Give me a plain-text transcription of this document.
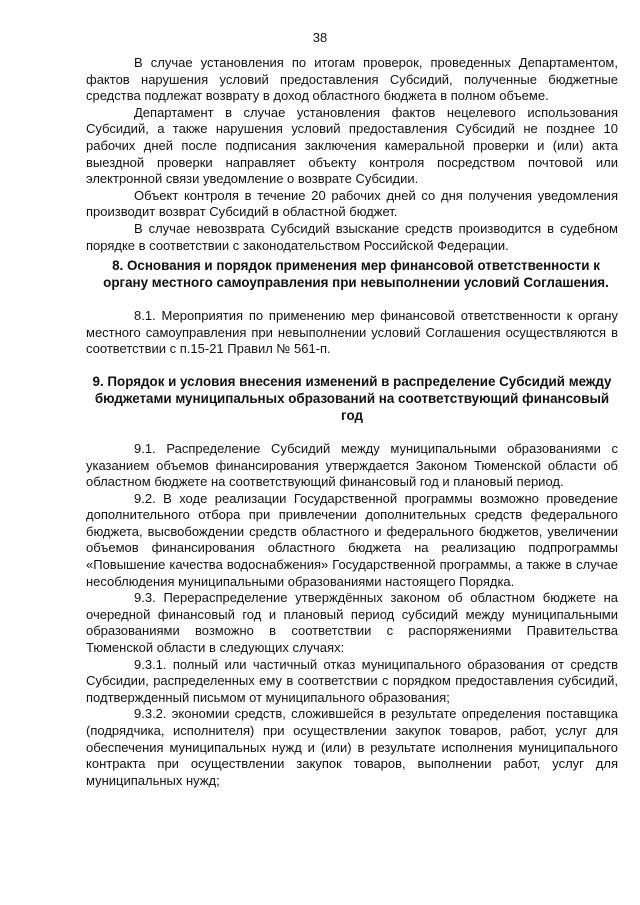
38

В случае установления по итогам проверок, проведенных Департаментом, фактов нарушения условий предоставления Субсидий, полученные бюджетные средства подлежат возврату в доход областного бюджета в полном объеме.

Департамент в случае установления фактов нецелевого использования Субсидий, а также нарушения условий предоставления Субсидий не позднее 10 рабочих дней после подписания заключения камеральной проверки и (или) акта выездной проверки направляет объекту контроля посредством почтовой или электронной связи уведомление о возврате Субсидии.

Объект контроля в течение 20 рабочих дней со дня получения уведомления производит возврат Субсидий в областной бюджет.

В случае невозврата Субсидий взыскание средств производится в судебном порядке в соответствии с законодательством Российской Федерации.

8. Основания и порядок применения мер финансовой ответственности к органу местного самоуправления при невыполнении условий Соглашения.

8.1. Мероприятия по применению мер финансовой ответственности к органу местного самоуправления при невыполнении условий Соглашения осуществляются в соответствии с п.15-21 Правил № 561-п.

9. Порядок и условия внесения изменений в распределение Субсидий между бюджетами муниципальных образований на соответствующий финансовый год

9.1. Распределение Субсидий между муниципальными образованиями с указанием объемов финансирования утверждается Законом Тюменской области об областном бюджете на соответствующий финансовый год и плановый период.

9.2. В ходе реализации Государственной программы возможно проведение дополнительного отбора при привлечении дополнительных средств федерального бюджета, высвобождении средств областного и федерального бюджетов, увеличении объемов финансирования областного бюджета на реализацию подпрограммы «Повышение качества водоснабжения» Государственной программы, а также в случае несоблюдения муниципальными образованиями настоящего Порядка.

9.3. Перераспределение утверждённых законом об областном бюджете на очередной финансовый год и плановый период субсидий между муниципальными образованиями возможно в соответствии с распоряжениями Правительства Тюменской области в следующих случаях:

9.3.1. полный или частичный отказ муниципального образования от средств Субсидии, распределенных ему в соответствии с порядком предоставления субсидий, подтвержденный письмом от муниципального образования;

9.3.2. экономии средств, сложившейся в результате определения поставщика (подрядчика, исполнителя) при осуществлении закупок товаров, работ, услуг для обеспечения муниципальных нужд и (или) в результате исполнения муниципального контракта при осуществлении закупок товаров, выполнении работ, услуг для муниципальных нужд;
